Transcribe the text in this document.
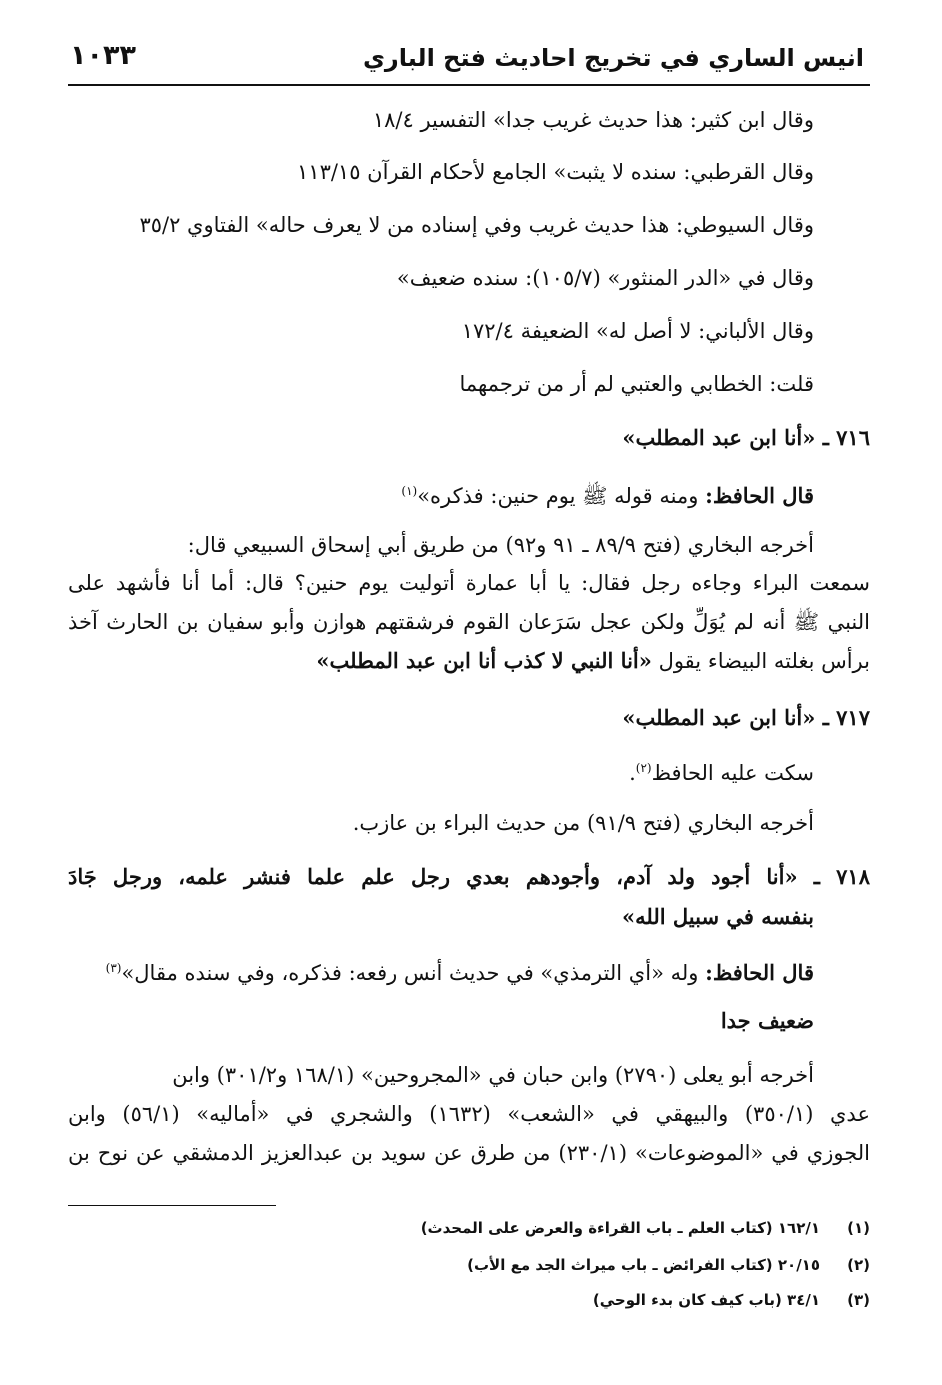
انيس الساري في تخريج احاديث فتح الباري
١٠٣٣
وقال ابن كثير: هذا حديث غريب جدا» التفسير ١٨/٤
وقال القرطبي: سنده لا يثبت» الجامع لأحكام القرآن ١١٣/١٥
وقال السيوطي: هذا حديث غريب وفي إسناده من لا يعرف حاله» الفتاوي ٣٥/٢
وقال في «الدر المنثور» (١٠٥/٧): سنده ضعيف»
وقال الألباني: لا أصل له» الضعيفة ١٧٢/٤
قلت: الخطابي والعتبي لم أر من ترجمهما
٧١٦ ـ «أنا ابن عبد المطلب»
قال الحافظ: ومنه قوله ﷺ يوم حنين: فذكره»$^{(١)}$
أخرجه البخاري (فتح ٨٩/٩ ـ ٩١ و٩٢) من طريق أبي إسحاق السبيعي قال:
سمعت البراء وجاءه رجل فقال: يا أبا عمارة أتوليت يوم حنين؟ قال: أما أنا فأشهد على
النبي ﷺ أنه لم يُوَلِّ ولكن عجل سَرَعان القوم فرشقتهم هوازن وأبو سفيان بن الحارث آخذ
برأس بغلته البيضاء يقول «أنا النبي لا كذب أنا ابن عبد المطلب»
٧١٧ ـ «أنا ابن عبد المطلب»
سكت عليه الحافظ$^{(٢)}$.
أخرجه البخاري (فتح ٩١/٩) من حديث البراء بن عازب.
٧١٨ ـ «أنا أجود ولد آدم، وأجودهم بعدي رجل علم علما فنشر علمه، ورجل جَادَ
بنفسه في سبيل الله»
قال الحافظ: وله «أي الترمذي» في حديث أنس رفعه: فذكره، وفي سنده مقال»$^{(٣)}$
ضعيف جدا
أخرجه أبو يعلى (٢٧٩٠) وابن حبان في «المجروحين» (١٦٨/١ و٣٠١/٢) وابن
عدي (٣٥٠/١) والبيهقي في «الشعب» (١٦٣٢) والشجري في «أماليه» (٥٦/١) وابن
الجوزي في «الموضوعات» (٢٣٠/١) من طرق عن سويد بن عبدالعزيز الدمشقي عن نوح بن
(١)١٦٢/١ (كتاب العلم ـ باب القراءة والعرض على المحدث)
(٢)٢٠/١٥ (كتاب الفرائض ـ باب ميراث الجد مع الأب)
(٣)٣٤/١ (باب كيف كان بدء الوحي)
